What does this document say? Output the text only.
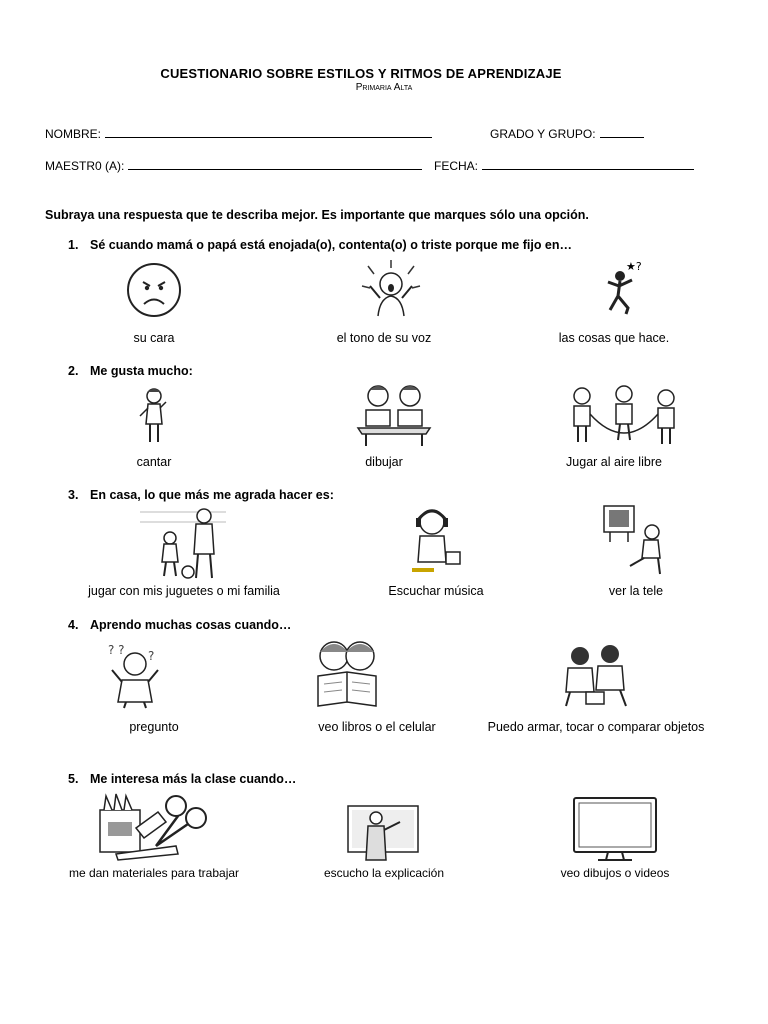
CUESTIONARIO SOBRE ESTILOS Y RITMOS DE APRENDIZAJE
Primaria Alta
NOMBRE:	GRADO Y GRUPO:
MAESTR0 (A):	FECHA:
Subraya una respuesta que te describa mejor. Es importante que marques sólo una opción.
1. Sé cuando mamá o papá está enojada(o), contenta(o) o triste porque me fijo en…
★?
su cara	el tono de su voz	las cosas que hace.
2. Me gusta mucho:
cantar	dibujar	Jugar al aire libre
3. En casa, lo que más me agrada hacer es:
jugar con mis juguetes o mi familia	Escuchar música	ver la tele
4. Aprendo muchas cosas cuando…
? ? ?
pregunto	veo libros o el celular	Puedo armar, tocar o comparar objetos
5. Me interesa más la clase cuando…
me dan materiales para trabajar	escucho la explicación	veo dibujos o videos
